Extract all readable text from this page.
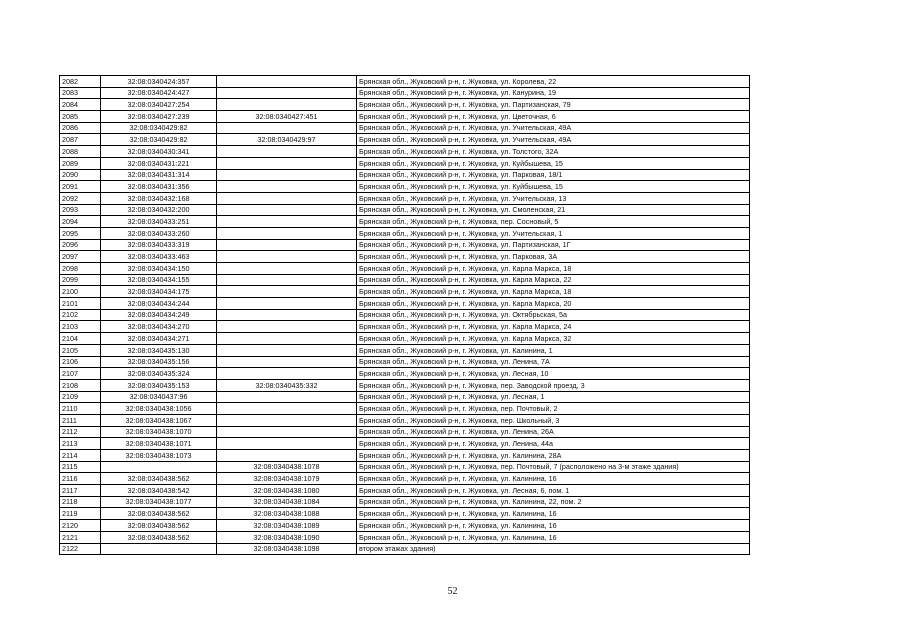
2082	32:08:0340424:357		Брянская обл., Жуковский р-н, г. Жуковка, ул. Королева, 22
2083	32:08:0340424:427		Брянская обл., Жуковский р-н, г. Жуковка, ул. Канурина, 19
2084	32:08:0340427:254		Брянская обл., Жуковский р-н, г. Жуковка, ул. Партизанская, 79
2085	32:08:0340427:239	32:08:0340427:451	Брянская обл., Жуковский р-н, г. Жуковка, ул. Цветочная, 6
2086	32:08:0340429:82		Брянская обл., Жуковский р-н, г. Жуковка, ул. Учительская, 49А
2087	32:08:0340429:82	32:08:0340429:97	Брянская обл., Жуковский р-н, г. Жуковка, ул. Учительская, 49А
2088	32:08:0340430:341		Брянская обл., Жуковский р-н, г. Жуковка, ул. Толстого, 32А
2089	32:08:0340431:221		Брянская обл., Жуковский р-н, г. Жуковка, ул. Куйбышева, 15
2090	32:08:0340431:314		Брянская обл., Жуковский р-н, г. Жуковка, ул. Парковая, 18/1
2091	32:08:0340431:356		Брянская обл., Жуковский р-н, г. Жуковка, ул. Куйбышева, 15
2092	32:08:0340432:168		Брянская обл., Жуковский р-н, г. Жуковка, ул. Учительская, 13
2093	32:08:0340432:200		Брянская обл., Жуковский р-н, г. Жуковка, ул. Смоленская, 21
2094	32:08:0340433:251		Брянская обл., Жуковский р-н, г. Жуковка, пер. Сосновый, 5
2095	32:08:0340433:260		Брянская обл., Жуковский р-н, г. Жуковка, ул. Учительская, 1
2096	32:08:0340433:319		Брянская обл., Жуковский р-н, г. Жуковка, ул. Партизанская, 1Г
2097	32:08:0340433:463		Брянская обл., Жуковский р-н, г. Жуковка, ул. Парковая, 3А
2098	32:08:0340434:150		Брянская обл., Жуковский р-н, г. Жуковка, ул. Карла Маркса, 18
2099	32:08:0340434:155		Брянская обл., Жуковский р-н, г. Жуковка, ул. Карла Маркса, 22
2100	32:08:0340434:175		Брянская обл., Жуковский р-н, г. Жуковка, ул. Карла Маркса, 18
2101	32:08:0340434:244		Брянская обл., Жуковский р-н, г. Жуковка, ул. Карла Маркса, 20
2102	32:08:0340434:249		Брянская обл., Жуковский р-н, г. Жуковка, ул. Октябрьская, 5а
2103	32:08:0340434:270		Брянская обл., Жуковский р-н, г. Жуковка, ул. Карла Маркса, 24
2104	32:08:0340434:271		Брянская обл., Жуковский р-н, г. Жуковка, ул. Карла Маркса, 32
2105	32:08:0340435:130		Брянская обл., Жуковский р-н, г. Жуковка, ул. Калинина, 1
2106	32:08:0340435:156		Брянская обл., Жуковский р-н, г. Жуковка, ул. Ленина, 7А
2107	32:08:0340435:324		Брянская обл., Жуковский р-н, г. Жуковка, ул. Лесная, 10
2108	32:08:0340435:153	32:08:0340435:332	Брянская обл., Жуковский р-н, г. Жуковка, пер. Заводской проезд, 3
2109	32:08:0340437:96		Брянская обл., Жуковский р-н, г. Жуковка, ул. Лесная, 1
2110	32:08:0340438:1056		Брянская обл., Жуковский р-н, г. Жуковка, пер. Почтовый, 2
2111	32:08:0340438:1067		Брянская обл., Жуковский р-н, г. Жуковка, пер. Школьный, 3
2112	32:08:0340438:1070		Брянская обл., Жуковский р-н, г. Жуковка, ул. Ленина, 26А
2113	32:08:0340438:1071		Брянская обл., Жуковский р-н, г. Жуковка, ул. Ленина, 44а
2114	32:08:0340438:1073		Брянская обл., Жуковский р-н, г. Жуковка, ул. Калинина, 28А
2115		32:08:0340438:1078	Брянская обл., Жуковский р-н, г. Жуковка, пер. Почтовый, 7 (расположено на 3-м этаже здания)
2116	32:08:0340438:562	32:08:0340438:1079	Брянская обл., Жуковский р-н, г. Жуковка, ул. Калинина, 16
2117	32:08:0340438:542	32:08:0340438:1080	Брянская обл., Жуковский р-н, г. Жуковка, ул. Лесная, 6, пом. 1
2118	32:08:0340438:1077	32:08:0340438:1084	Брянская обл., Жуковский р-н, г. Жуковка, ул. Калинина, 22, пом. 2
2119	32:08:0340438:562	32:08:0340438:1088	Брянская обл., Жуковский р-н, г. Жуковка, ул. Калинина, 16
2120	32:08:0340438:562	32:08:0340438:1089	Брянская обл., Жуковский р-н, г. Жуковка, ул. Калинина, 16
2121	32:08:0340438:562	32:08:0340438:1090	Брянская обл., Жуковский р-н, г. Жуковка, ул. Калинина, 16
2122		32:08:0340438:1098	втором этажах здания)
52
